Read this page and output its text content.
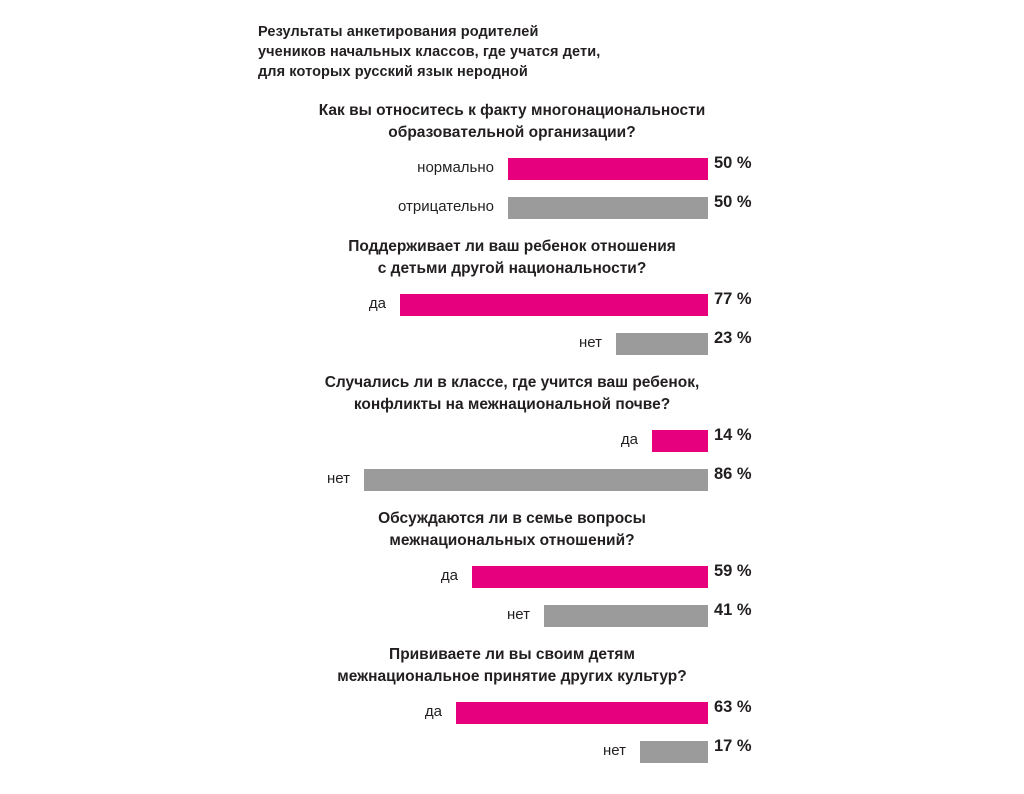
Результаты анкетирования родителей
учеников начальных классов, где учатся дети,
для которых русский язык неродной
Как вы относитесь к факту многонациональности
образовательной организации?
нормально	50 %
отрицательно	50 %
Поддерживает ли ваш ребенок отношения
с детьми другой национальности?
да	77 %
нет	23 %
Случались ли в классе, где учится ваш ребенок,
конфликты на межнациональной почве?
да	14 %
нет	86 %
Обсуждаются ли в семье вопросы
межнациональных отношений?
да	59 %
нет	41 %
Прививаете ли вы своим детям
межнациональное принятие других культур?
да	63 %
нет	17 %
